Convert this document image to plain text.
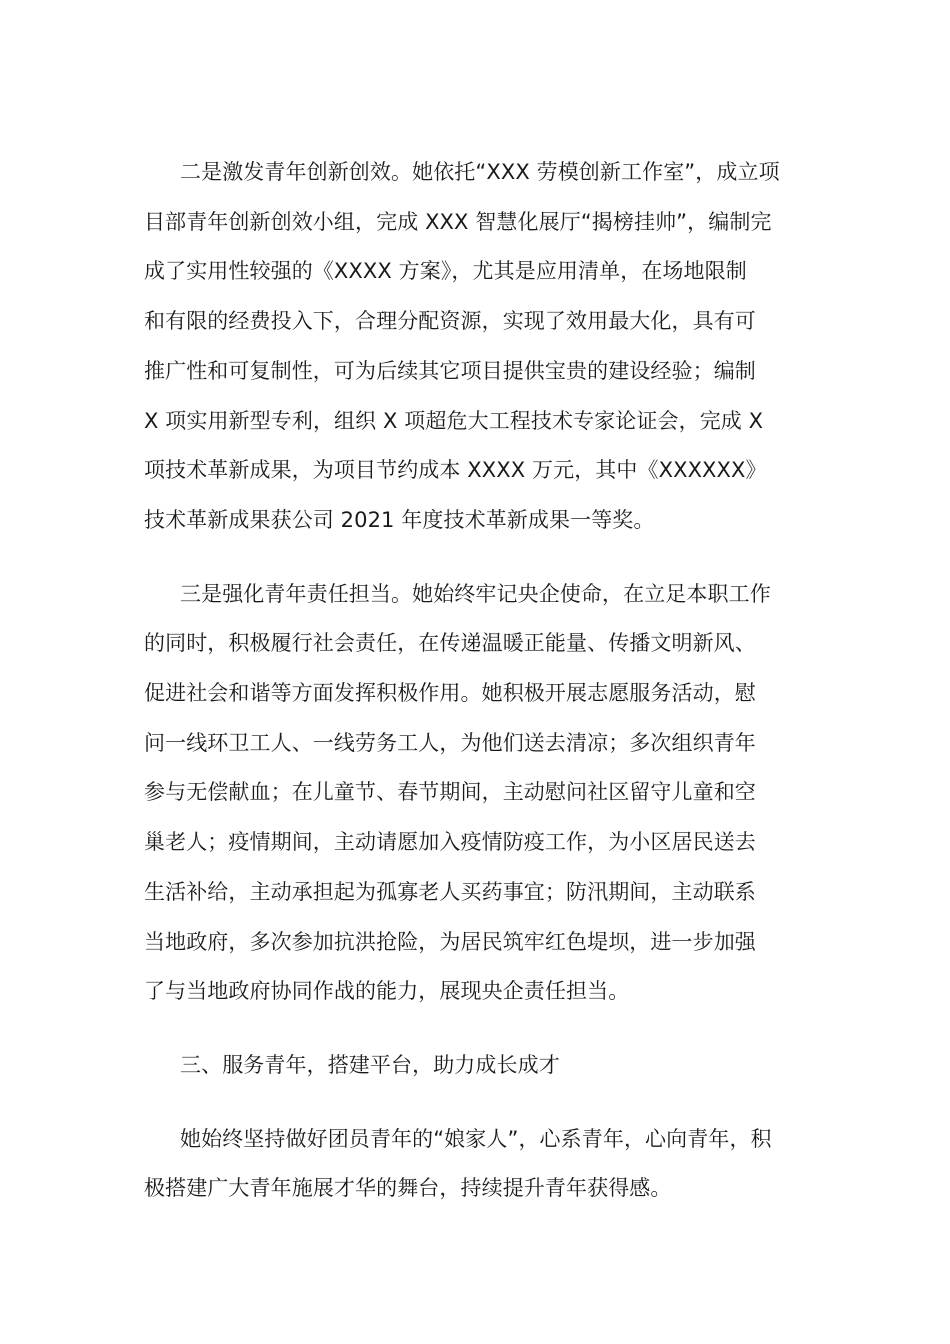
二是激发青年创新创效。她依托“XXX 劳模创新工作室”，成立项
目部青年创新创效小组，完成 XXX 智慧化展厅“揭榜挂帅”，编制完
成了实用性较强的《XXXX 方案》，尤其是应用清单，在场地限制
和有限的经费投入下，合理分配资源，实现了效用最大化，具有可
推广性和可复制性，可为后续其它项目提供宝贵的建设经验；编制
X 项实用新型专利，组织 X 项超危大工程技术专家论证会，完成 X
项技术革新成果，为项目节约成本 XXXX 万元，其中《XXXXXX》
技术革新成果获公司 2021 年度技术革新成果一等奖。
三是强化青年责任担当。她始终牢记央企使命，在立足本职工作
的同时，积极履行社会责任，在传递温暖正能量、传播文明新风、
促进社会和谐等方面发挥积极作用。她积极开展志愿服务活动，慰
问一线环卫工人、一线劳务工人，为他们送去清凉；多次组织青年
参与无偿献血；在儿童节、春节期间，主动慰问社区留守儿童和空
巢老人；疫情期间，主动请愿加入疫情防疫工作，为小区居民送去
生活补给，主动承担起为孤寡老人买药事宜；防汛期间，主动联系
当地政府，多次参加抗洪抢险，为居民筑牢红色堤坝，进一步加强
了与当地政府协同作战的能力，展现央企责任担当。
三、服务青年，搭建平台，助力成长成才
她始终坚持做好团员青年的“娘家人”，心系青年，心向青年，积
极搭建广大青年施展才华的舞台，持续提升青年获得感。
